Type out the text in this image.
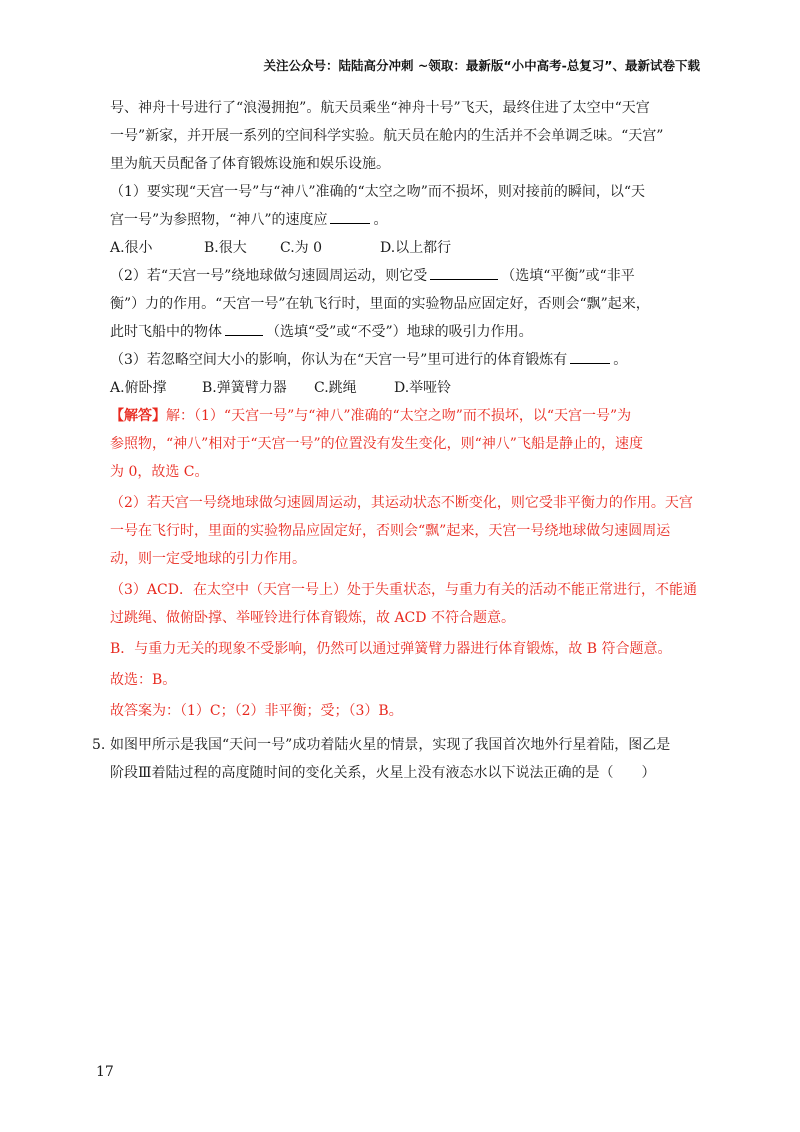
关注公众号：陆陆高分冲刺 ~领取：最新版“小中高考-总复习”、最新试卷下载
号、神舟十号进行了“浪漫拥抱”。航天员乘坐“神舟十号”飞天，最终住进了太空中“天宫
一号”新家，并开展一系列的空间科学实验。航天员在舱内的生活并不会单调乏味。“天宫”
里为航天员配备了体育锻炼设施和娱乐设施。
（1）要实现“天宫一号”与“神八”准确的“太空之吻”而不损坏，则对接前的瞬间，以“天
宫一号”为参照物，“神八”的速度应	。
A.很小	B.很大 C.为 0	D.以上都行
（2）若“天宫一号”绕地球做匀速圆周运动，则它受	（选填“平衡”或“非平
衡”）力的作用。“天宫一号”在轨飞行时，里面的实验物品应固定好，否则会“飘”起来，
此时飞船中的物体	（选填“受”或“不受”）地球的吸引力作用。
（3）若忽略空间大小的影响，你认为在“天宫一号”里可进行的体育锻炼有	。
A.俯卧撑	B.弹簧臂力器 C.跳绳	D.举哑铃
【解答】解：（1）“天宫一号”与“神八”准确的“太空之吻”而不损坏，以“天宫一号”为
参照物，“神八”相对于“天宫一号”的位置没有发生变化，则“神八”飞船是静止的，速度
为 0，故选 C。
（2）若天宫一号绕地球做匀速圆周运动，其运动状态不断变化，则它受非平衡力的作用。天宫
一号在飞行时，里面的实验物品应固定好，否则会“飘”起来，天宫一号绕地球做匀速圆周运
动，则一定受地球的引力作用。
（3）ACD．在太空中（天宫一号上）处于失重状态，与重力有关的活动不能正常进行，不能通
过跳绳、做俯卧撑、举哑铃进行体育锻炼，故 ACD 不符合题意。
B．与重力无关的现象不受影响，仍然可以通过弹簧臂力器进行体育锻炼，故 B 符合题意。
故选：B。
故答案为：（1）C；（2）非平衡；受；（3）B。
5. 如图甲所示是我国“天问一号”成功着陆火星的情景，实现了我国首次地外行星着陆，图乙是
阶段Ⅲ着陆过程的高度随时间的变化关系，火星上没有液态水以下说法正确的是（　　）
17
